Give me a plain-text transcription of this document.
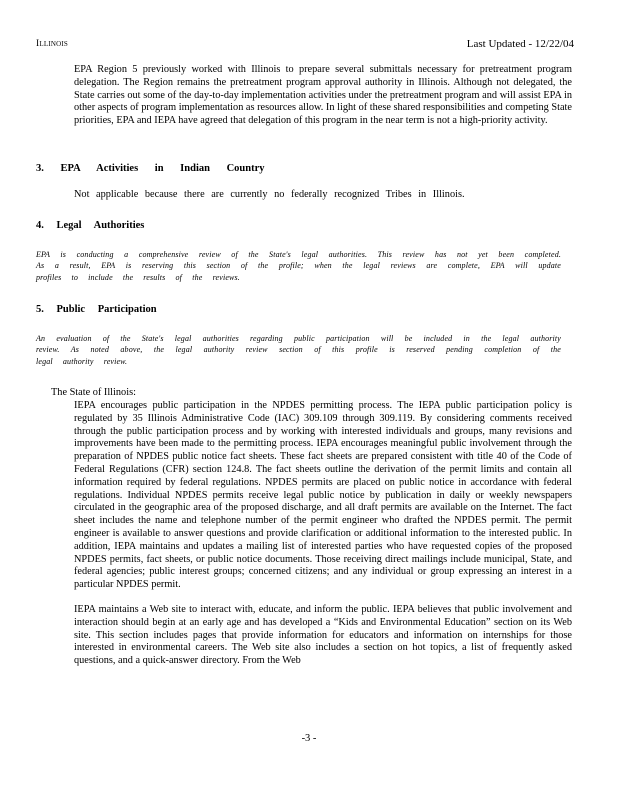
Illinois	Last Updated - 12/22/04
EPA Region 5 previously worked with Illinois to prepare several submittals necessary for pretreatment program delegation. The Region remains the pretreatment program approval authority in Illinois. Although not delegated, the State carries out some of the day-to-day implementation activities under the pretreatment program and will assist EPA in other aspects of program implementation as resources allow. In light of these shared responsibilities and competing State priorities, EPA and IEPA have agreed that delegation of this program in the near term is not a high-priority activity.
3. EPA Activities in Indian Country
Not applicable because there are currently no federally recognized Tribes in Illinois.
4. Legal Authorities
EPA is conducting a comprehensive review of the State's legal authorities. This review has not yet been completed. As a result, EPA is reserving this section of the profile; when the legal reviews are complete, EPA will update profiles to include the results of the reviews.
5. Public Participation
An evaluation of the State's legal authorities regarding public participation will be included in the legal authority review. As noted above, the legal authority review section of this profile is reserved pending completion of the legal authority review.
The State of Illinois:

IEPA encourages public participation in the NPDES permitting process. The IEPA public participation policy is regulated by 35 Illinois Administrative Code (IAC) 309.109 through 309.119. By considering comments received through the public participation process and by working with interested individuals and groups, many revisions and improvements have been made to the permitting process. IEPA encourages meaningful public involvement through the preparation of NPDES public notice fact sheets. These fact sheets are prepared consistent with title 40 of the Code of Federal Regulations (CFR) section 124.8. The fact sheets outline the derivation of the permit limits and contain all information required by federal regulations. NPDES permits are placed on public notice in accordance with federal regulations. Individual NPDES permits receive legal public notice by publication in daily or weekly newspapers circulated in the geographic area of the proposed discharge, and all draft permits are available on the Internet. The fact sheet includes the name and telephone number of the permit engineer who drafted the NPDES permit. The permit engineer is available to answer questions and provide clarification or additional information to the interested public. In addition, IEPA maintains and updates a mailing list of interested parties who have requested copies of the proposed NPDES permits, fact sheets, or public notice documents. Those receiving direct mailings include municipal, State, and federal agencies; public interest groups; concerned citizens; and any individual or group expressing an interest in a particular NPDES permit.

IEPA maintains a Web site to interact with, educate, and inform the public. IEPA believes that public involvement and interaction should begin at an early age and has developed a “Kids and Environmental Education” section on its Web site. This section includes pages that provide information for educators and information on internships for those interested in environmental careers. The Web site also includes a section on hot topics, a list of frequently asked questions, and a quick-answer directory. From the Web

-3 -
